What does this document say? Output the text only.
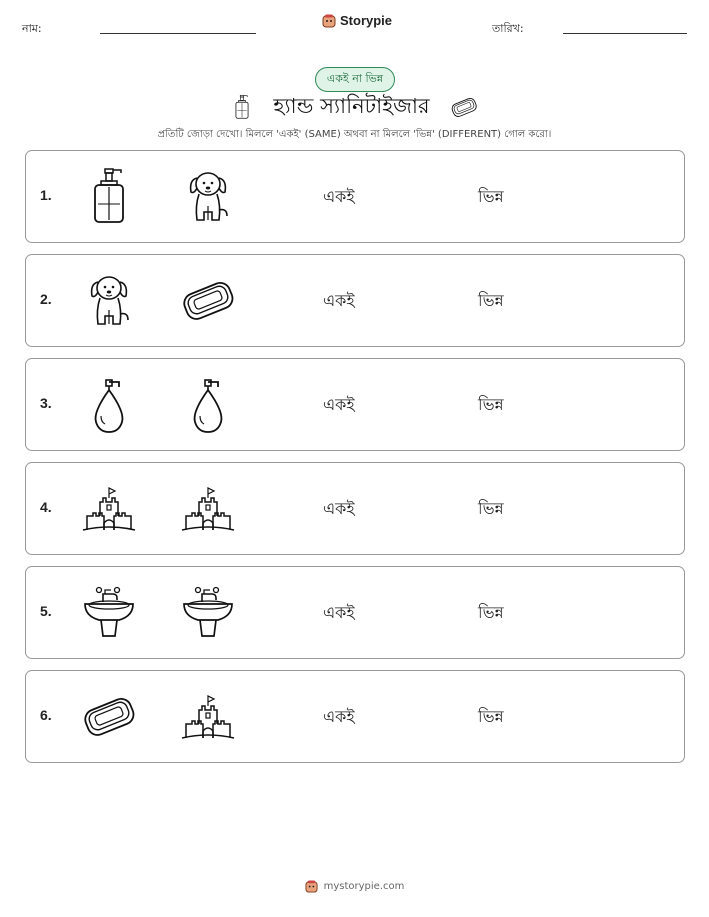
নাম:
Storypie
তারিখ:
একই না ভিন্ন
হ্যান্ড স্যানিটাইজার
প্রতিটি জোড়া দেখো। মিললে 'একই' (SAME) অথবা না মিললে 'ভিন্ন' (DIFFERENT) গোল করো।
1.	একই	ভিন্ন
2.	একই	ভিন্ন
3.	একই	ভিন্ন
4.	একই	ভিন্ন
5.	একই	ভিন্ন
6.	একই	ভিন্ন
mystorypie.com
